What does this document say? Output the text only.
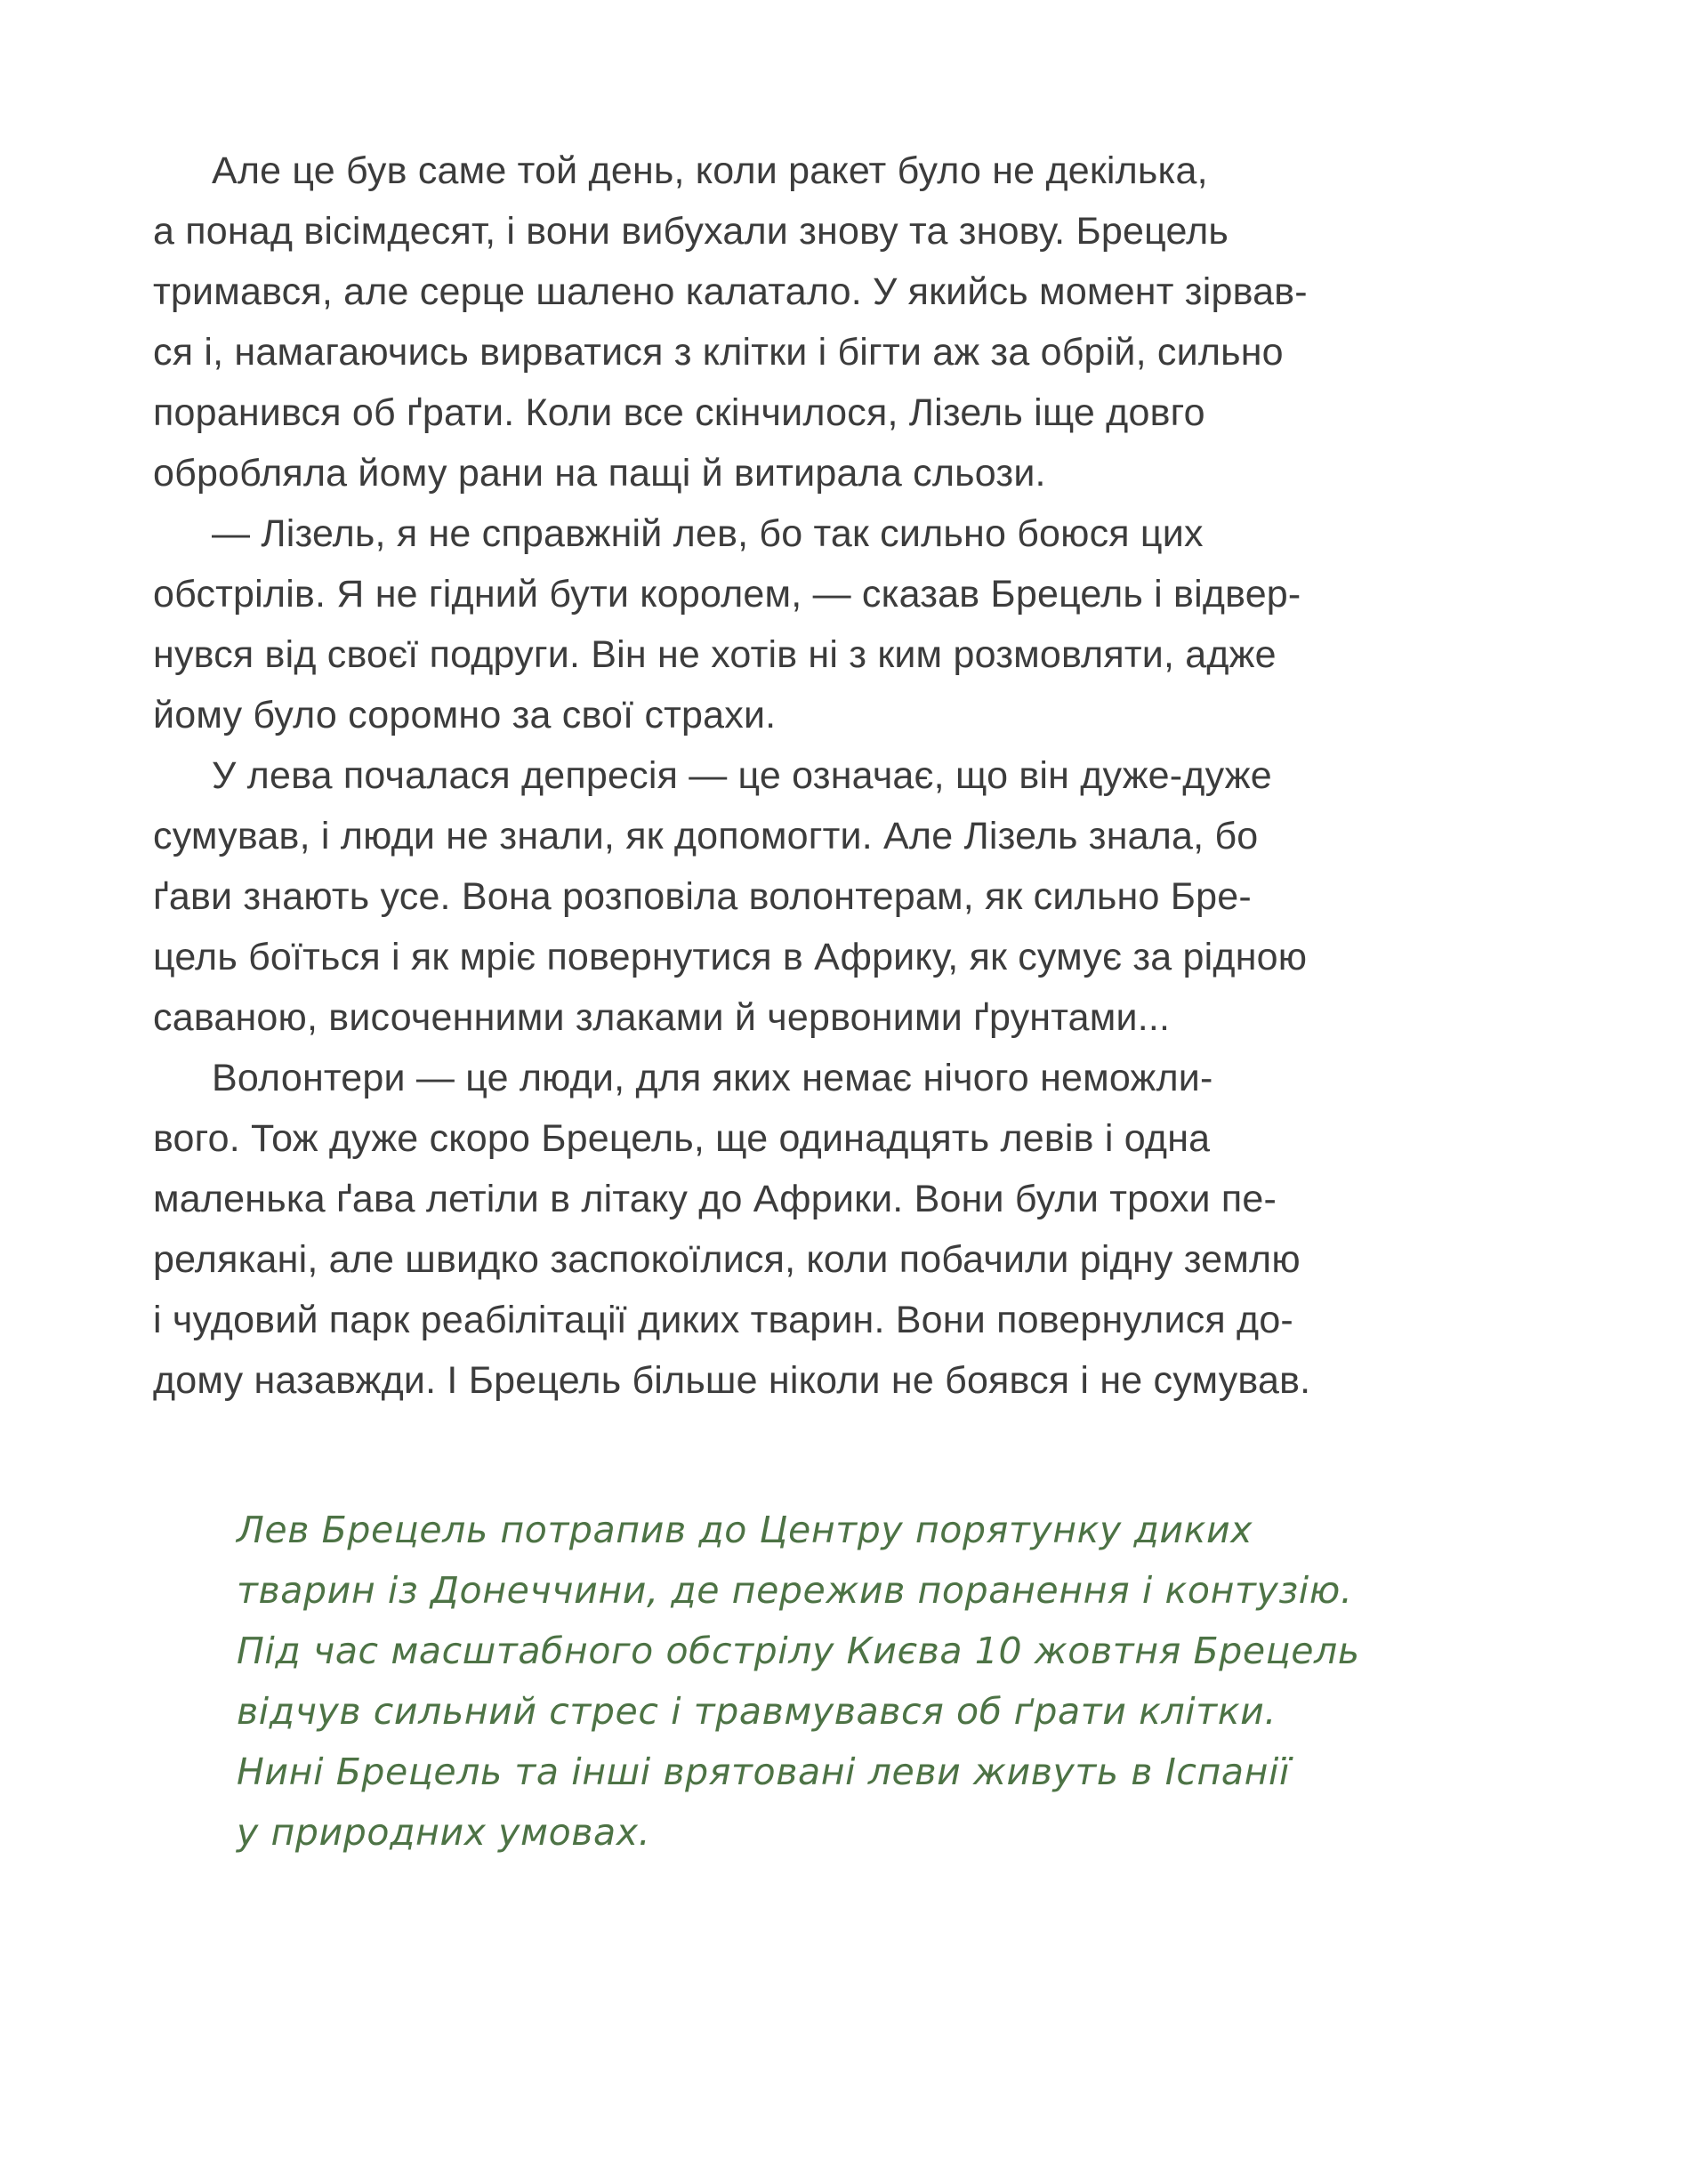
Але це був саме той день, коли ракет було не декілька,
а понад вісімдесят, і вони вибухали знову та знову. Брецель
тримався, але серце шалено калатало. У якийсь момент зірвав-
ся і, намагаючись вирватися з клітки і бігти аж за обрій, сильно
поранився об ґрати. Коли все скінчилося, Лізель іще довго
обробляла йому рани на пащі й витирала сльози.

— Лізель, я не справжній лев, бо так сильно боюся цих
обстрілів. Я не гідний бути королем, — сказав Брецель і відвер-
нувся від своєї подруги. Він не хотів ні з ким розмовляти, адже
йому було соромно за свої страхи.

У лева почалася депресія — це означає, що він дуже-дуже
сумував, і люди не знали, як допомогти. Але Лізель знала, бо
ґави знають усе. Вона розповіла волонтерам, як сильно Бре-
цель боїться і як мріє повернутися в Африку, як сумує за рідною
саваною, височенними злаками й червоними ґрунтами...

Волонтери — це люди, для яких немає нічого неможли-
вого. Тож дуже скоро Брецель, ще одинадцять левів і одна
маленька ґава летіли в літаку до Африки. Вони були трохи пе-
релякані, але швидко заспокоїлися, коли побачили рідну землю
і чудовий парк реабілітації диких тварин. Вони повернулися до-
дому назавжди. І Брецель більше ніколи не боявся і не сумував.

Лев Брецель потрапив до Центру порятунку диких
тварин із Донеччини, де пережив поранення і контузію.
Під час масштабного обстрілу Києва 10 жовтня Брецель
відчув сильний стрес і травмувався об ґрати клітки.
Нині Брецель та інші врятовані леви живуть в Іспанії
у природних умовах.
